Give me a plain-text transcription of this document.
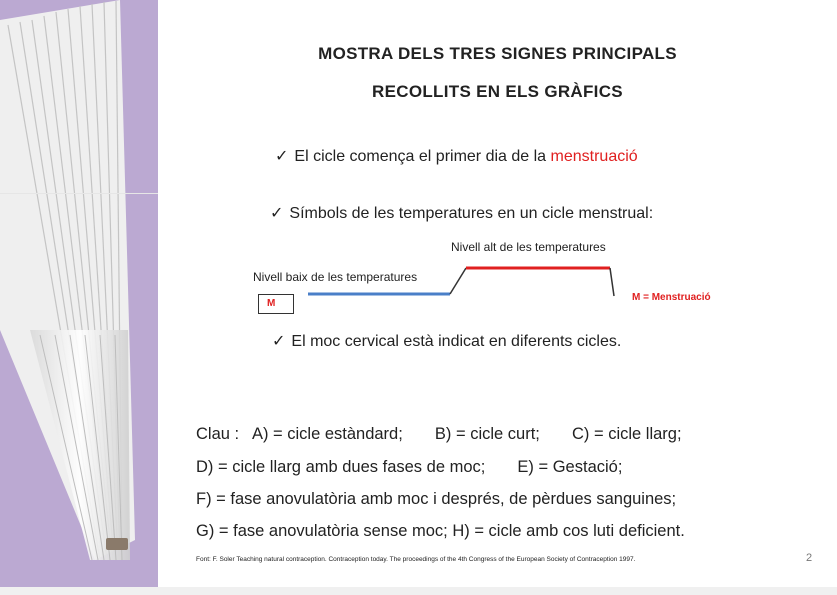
MOSTRA DELS TRES SIGNES PRINCIPALS
RECOLLITS EN ELS GRÀFICS
✓ El cicle comença el primer dia de la menstruació
✓ Símbols de les temperatures en un cicle menstrual:
Nivell alt de les temperatures
Nivell baix de les temperatures
M
M = Menstruació
✓ El moc cervical està indicat en diferents cicles.
Clau :   A) = cicle estàndard;       B) = cicle curt;       C) = cicle llarg;
D) = cicle llarg amb dues fases de moc;       E) = Gestació;
F) = fase anovulatòria amb moc i després, de pèrdues sanguines;
G) = fase anovulatòria sense moc; H) = cicle amb cos luti deficient.
Font: F. Soler Teaching natural contraception. Contraception today. The proceedings of the 4th Congress of the European Society of Contraception 1997.	2
